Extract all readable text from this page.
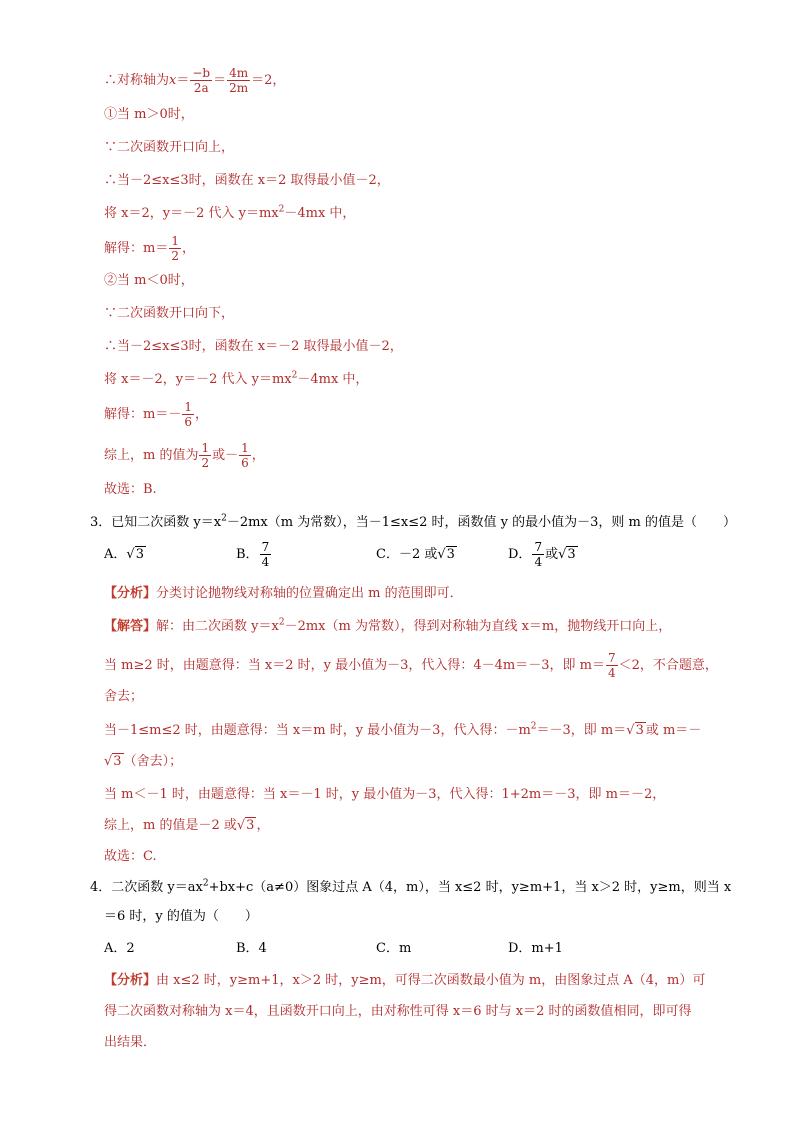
∴对称轴为$x= \frac{-b}{2a} = \frac{4m}{2m} =2$，
①当 m＞0时，
∵二次函数开口向上，
∴当－2≤x≤3时，函数在 x＝2 取得最小值－2，
将 x＝2，y＝－2 代入 $y=mx^2-4mx$ 中，
解得：$m= \frac{1}{2}$ ，
②当 m＜0时，
∵二次函数开口向下，
∴当－2≤x≤3时，函数在 x＝－2 取得最小值－2，
将 x＝－2，y＝－2 代入 $y=mx^2-4mx$ 中，
解得：$m=- \frac{1}{6}$ ，
综上，m 的值为 $\frac{1}{2}$ 或－ $\frac{1}{6}$ ，
故选：B.
3．已知二次函数 $y=x^2-2mx(m$ 为常数），当－1≤x≤2 时，函数值 y 的最小值为－3，则 m 的值是（　　）
A．√3	B． $\frac{7}{4}$	C．－2 或√3	D． $\frac{7}{4}$ 或√3
【分析】分类讨论抛物线对称轴的位置确定出 m 的范围即可．
【解答】解：由二次函数 $y=x^2-2mx(m$ 为常数），得到对称轴为直线 x＝m，抛物线开口向上，
当 m≥2 时，由题意得：当 x＝2 时，y 最小值为－3，代入得：4－4m＝－3，即 $m= \frac{7}{4} <2$，不合题意，
舍去；
当－1≤m≤2 时，由题意得：当 x＝m 时，y 最小值为－3，代入得：$-m^2=-3$，即 m＝√3 或 m＝－
√3 （舍去）；
当 m＜－1 时，由题意得：当 x＝－1 时，y 最小值为－3，代入得：1+2m＝－3，即 m＝－2，
综上，m 的值是－2 或√3 ，
故选：C.
4．二次函数 $y=ax^2+bx+c(a\ne 0)$图象过点 A（4，m），当 x≤2 时，y≥m+1，当 x＞2 时，y≥m，则当 x
＝6 时，y 的值为（　　）
A．2	B．4	C．m	D．m+1
【分析】由 x≤2 时，y≥m+1，x＞2 时，y≥m，可得二次函数最小值为 m，由图象过点 A（4，m）可
得二次函数对称轴为 x＝4，且函数开口向上，由对称性可得 x＝6 时与 x＝2 时的函数值相同，即可得
出结果．
